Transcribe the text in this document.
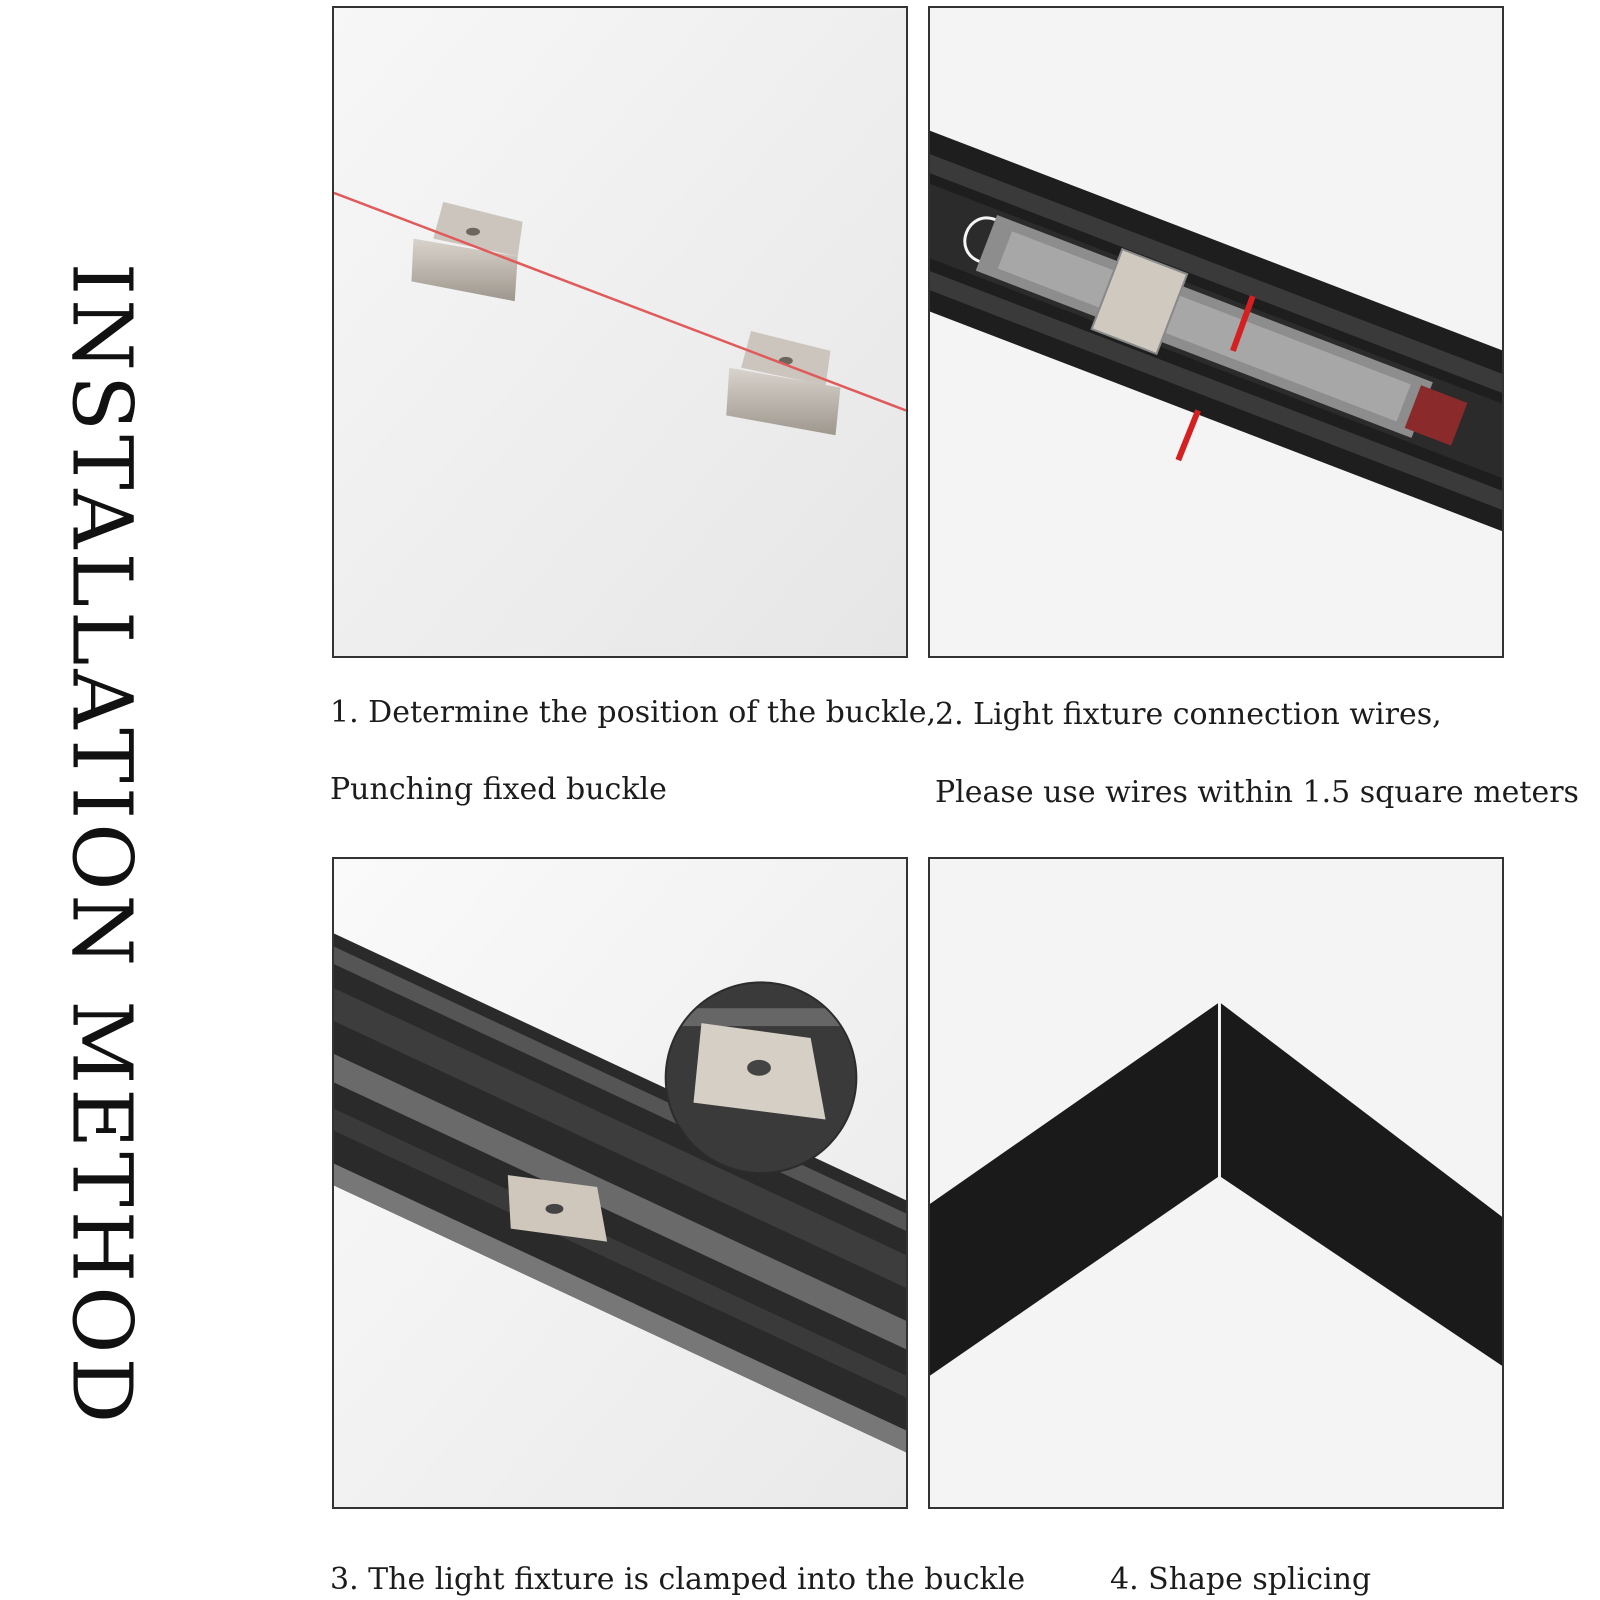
INSTALLATION METHOD	1. Determine the position of the buckle,
Punching fixed buckle
2. Light fixture connection wires,
Please use wires within 1.5 square meters
3. The light fixture is clamped into the buckle	4. Shape splicing
